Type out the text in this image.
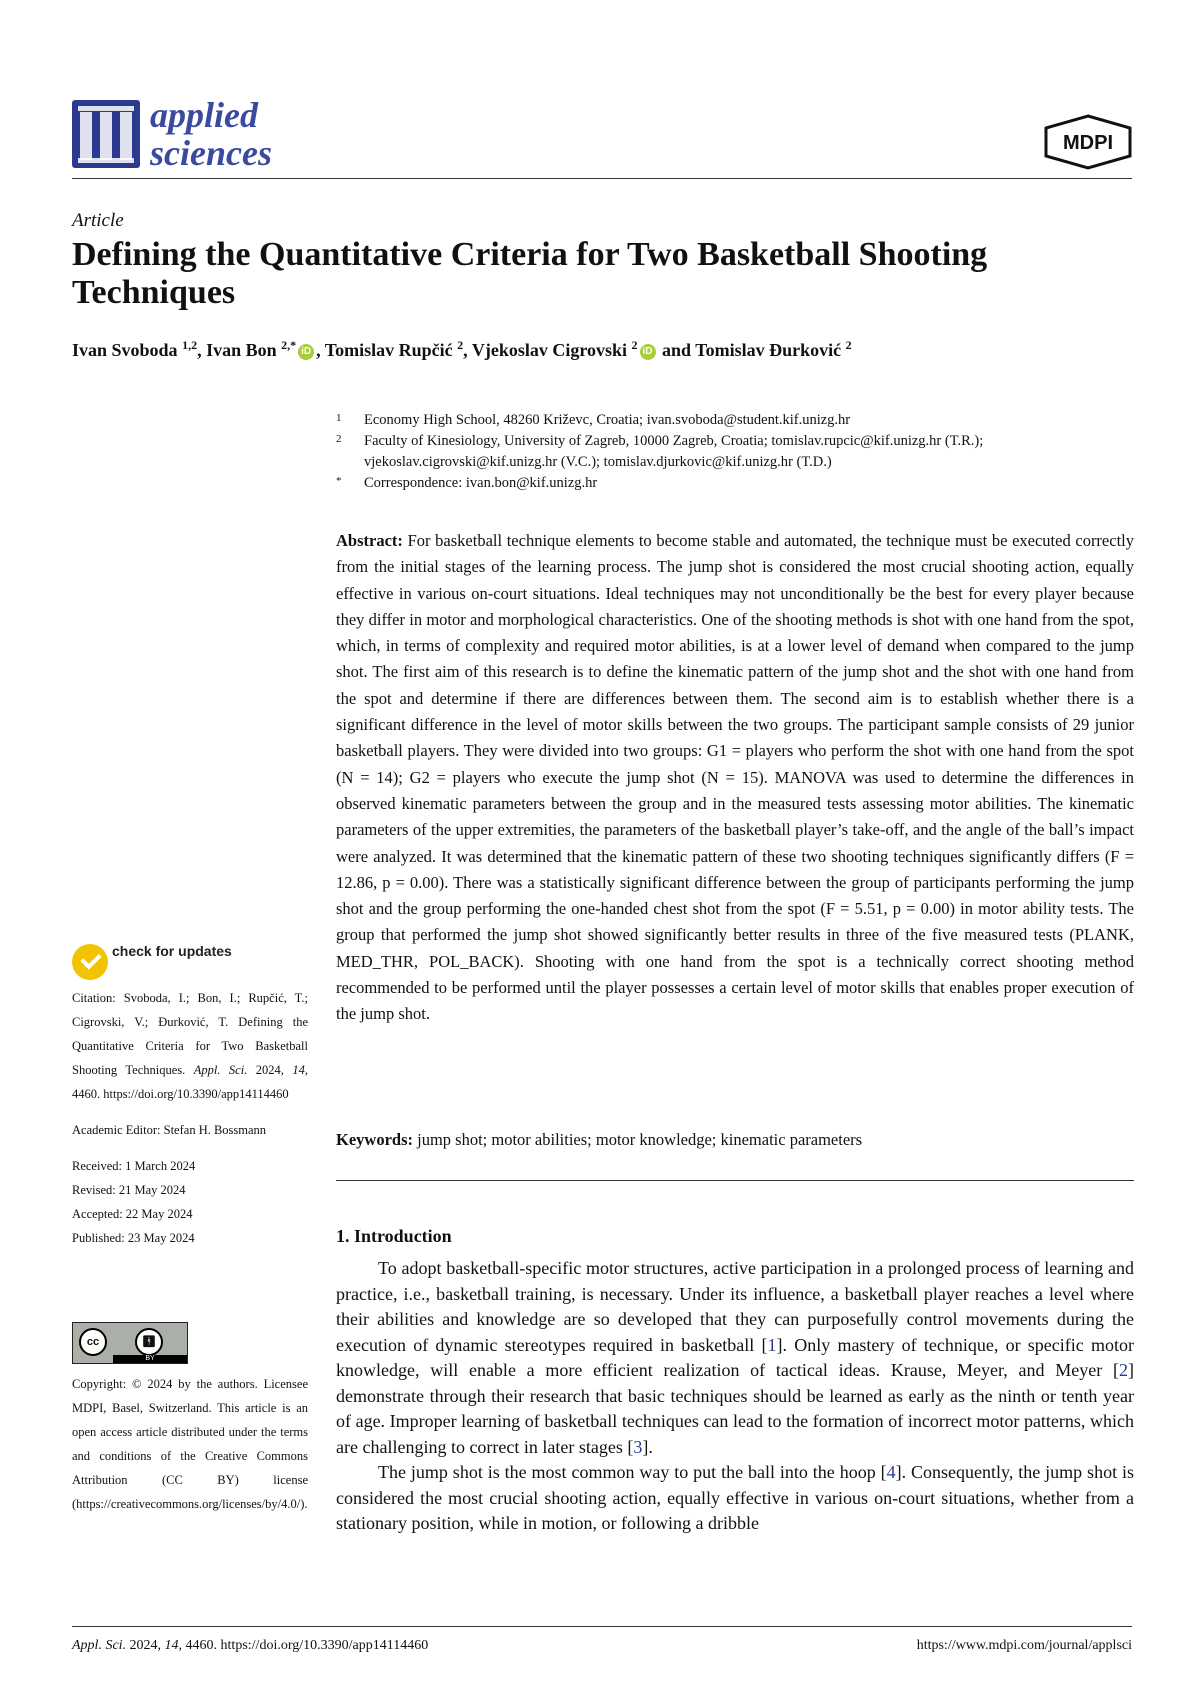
applied
sciences	MDPI
Article
Defining the Quantitative Criteria for Two Basketball Shooting Techniques
Ivan Svoboda $^{1,2}$, Ivan Bon $^{2,*}$ iD , Tomislav Rupčić $^2$, Vjekoslav Cigrovski $^2$ iD and Tomislav Đurković $^2$
1 Economy High School, 48260 Križevc, Croatia; ivan.svoboda@student.kif.unizg.hr
2 Faculty of Kinesiology, University of Zagreb, 10000 Zagreb, Croatia; tomislav.rupcic@kif.unizg.hr (T.R.); vjekoslav.cigrovski@kif.unizg.hr (V.C.); tomislav.djurkovic@kif.unizg.hr (T.D.)
* Correspondence: ivan.bon@kif.unizg.hr
Abstract: For basketball technique elements to become stable and automated, the technique must be executed correctly from the initial stages of the learning process. The jump shot is considered the most crucial shooting action, equally effective in various on-court situations. Ideal techniques may not unconditionally be the best for every player because they differ in motor and morphological characteristics. One of the shooting methods is shot with one hand from the spot, which, in terms of complexity and required motor abilities, is at a lower level of demand when compared to the jump shot. The first aim of this research is to define the kinematic pattern of the jump shot and the shot with one hand from the spot and determine if there are differences between them. The second aim is to establish whether there is a significant difference in the level of motor skills between the two groups. The participant sample consists of 29 junior basketball players. They were divided into two groups: G1 = players who perform the shot with one hand from the spot (N = 14); G2 = players who execute the jump shot (N = 15). MANOVA was used to determine the differences in observed kinematic parameters between the group and in the measured tests assessing motor abilities. The kinematic parameters of the upper extremities, the parameters of the basketball player’s take-off, and the angle of the ball’s impact were analyzed. It was determined that the kinematic pattern of these two shooting techniques significantly differs (F = 12.86, p = 0.00). There was a statistically significant difference between the group of participants performing the jump shot and the group performing the one-handed chest shot from the spot (F = 5.51, p = 0.00) in motor ability tests. The group that performed the jump shot showed significantly better results in three of the five measured tests (PLANK, MED_THR, POL_BACK). Shooting with one hand from the spot is a technically correct shooting method recommended to be performed until the player possesses a certain level of motor skills that enables proper execution of the jump shot.
Keywords: jump shot; motor abilities; motor knowledge; kinematic parameters
1. Introduction

To adopt basketball-specific motor structures, active participation in a prolonged process of learning and practice, i.e., basketball training, is necessary. Under its influence, a basketball player reaches a level where their abilities and knowledge are so developed that they can purposefully control movements during the execution of dynamic stereotypes required in basketball [1]. Only mastery of technique, or specific motor knowledge, will enable a more efficient realization of tactical ideas. Krause, Meyer, and Meyer [2] demonstrate through their research that basic techniques should be learned as early as the ninth or tenth year of age. Improper learning of basketball techniques can lead to the formation of incorrect motor patterns, which are challenging to correct in later stages [3].

The jump shot is the most common way to put the ball into the hoop [4]. Consequently, the jump shot is considered the most crucial shooting action, equally effective in various on-court situations, whether from a stationary position, while in motion, or following a dribble

check for updates
Citation: Svoboda, I.; Bon, I.; Rupčić, T.; Cigrovski, V.; Đurković, T. Defining the Quantitative Criteria for Two Basketball Shooting Techniques. Appl. Sci. 2024, 14, 4460. https://doi.org/10.3390/app14114460
Academic Editor: Stefan H. Bossmann
Received: 1 March 2024
Revised: 21 May 2024
Accepted: 22 May 2024
Published: 23 May 2024
cc	🚹︎
BY
Copyright: © 2024 by the authors. Licensee MDPI, Basel, Switzerland. This article is an open access article distributed under the terms and conditions of the Creative Commons Attribution (CC BY) license (https://creativecommons.org/licenses/by/4.0/).
Appl. Sci. 2024, 14, 4460. https://doi.org/10.3390/app14114460	https://www.mdpi.com/journal/applsci
